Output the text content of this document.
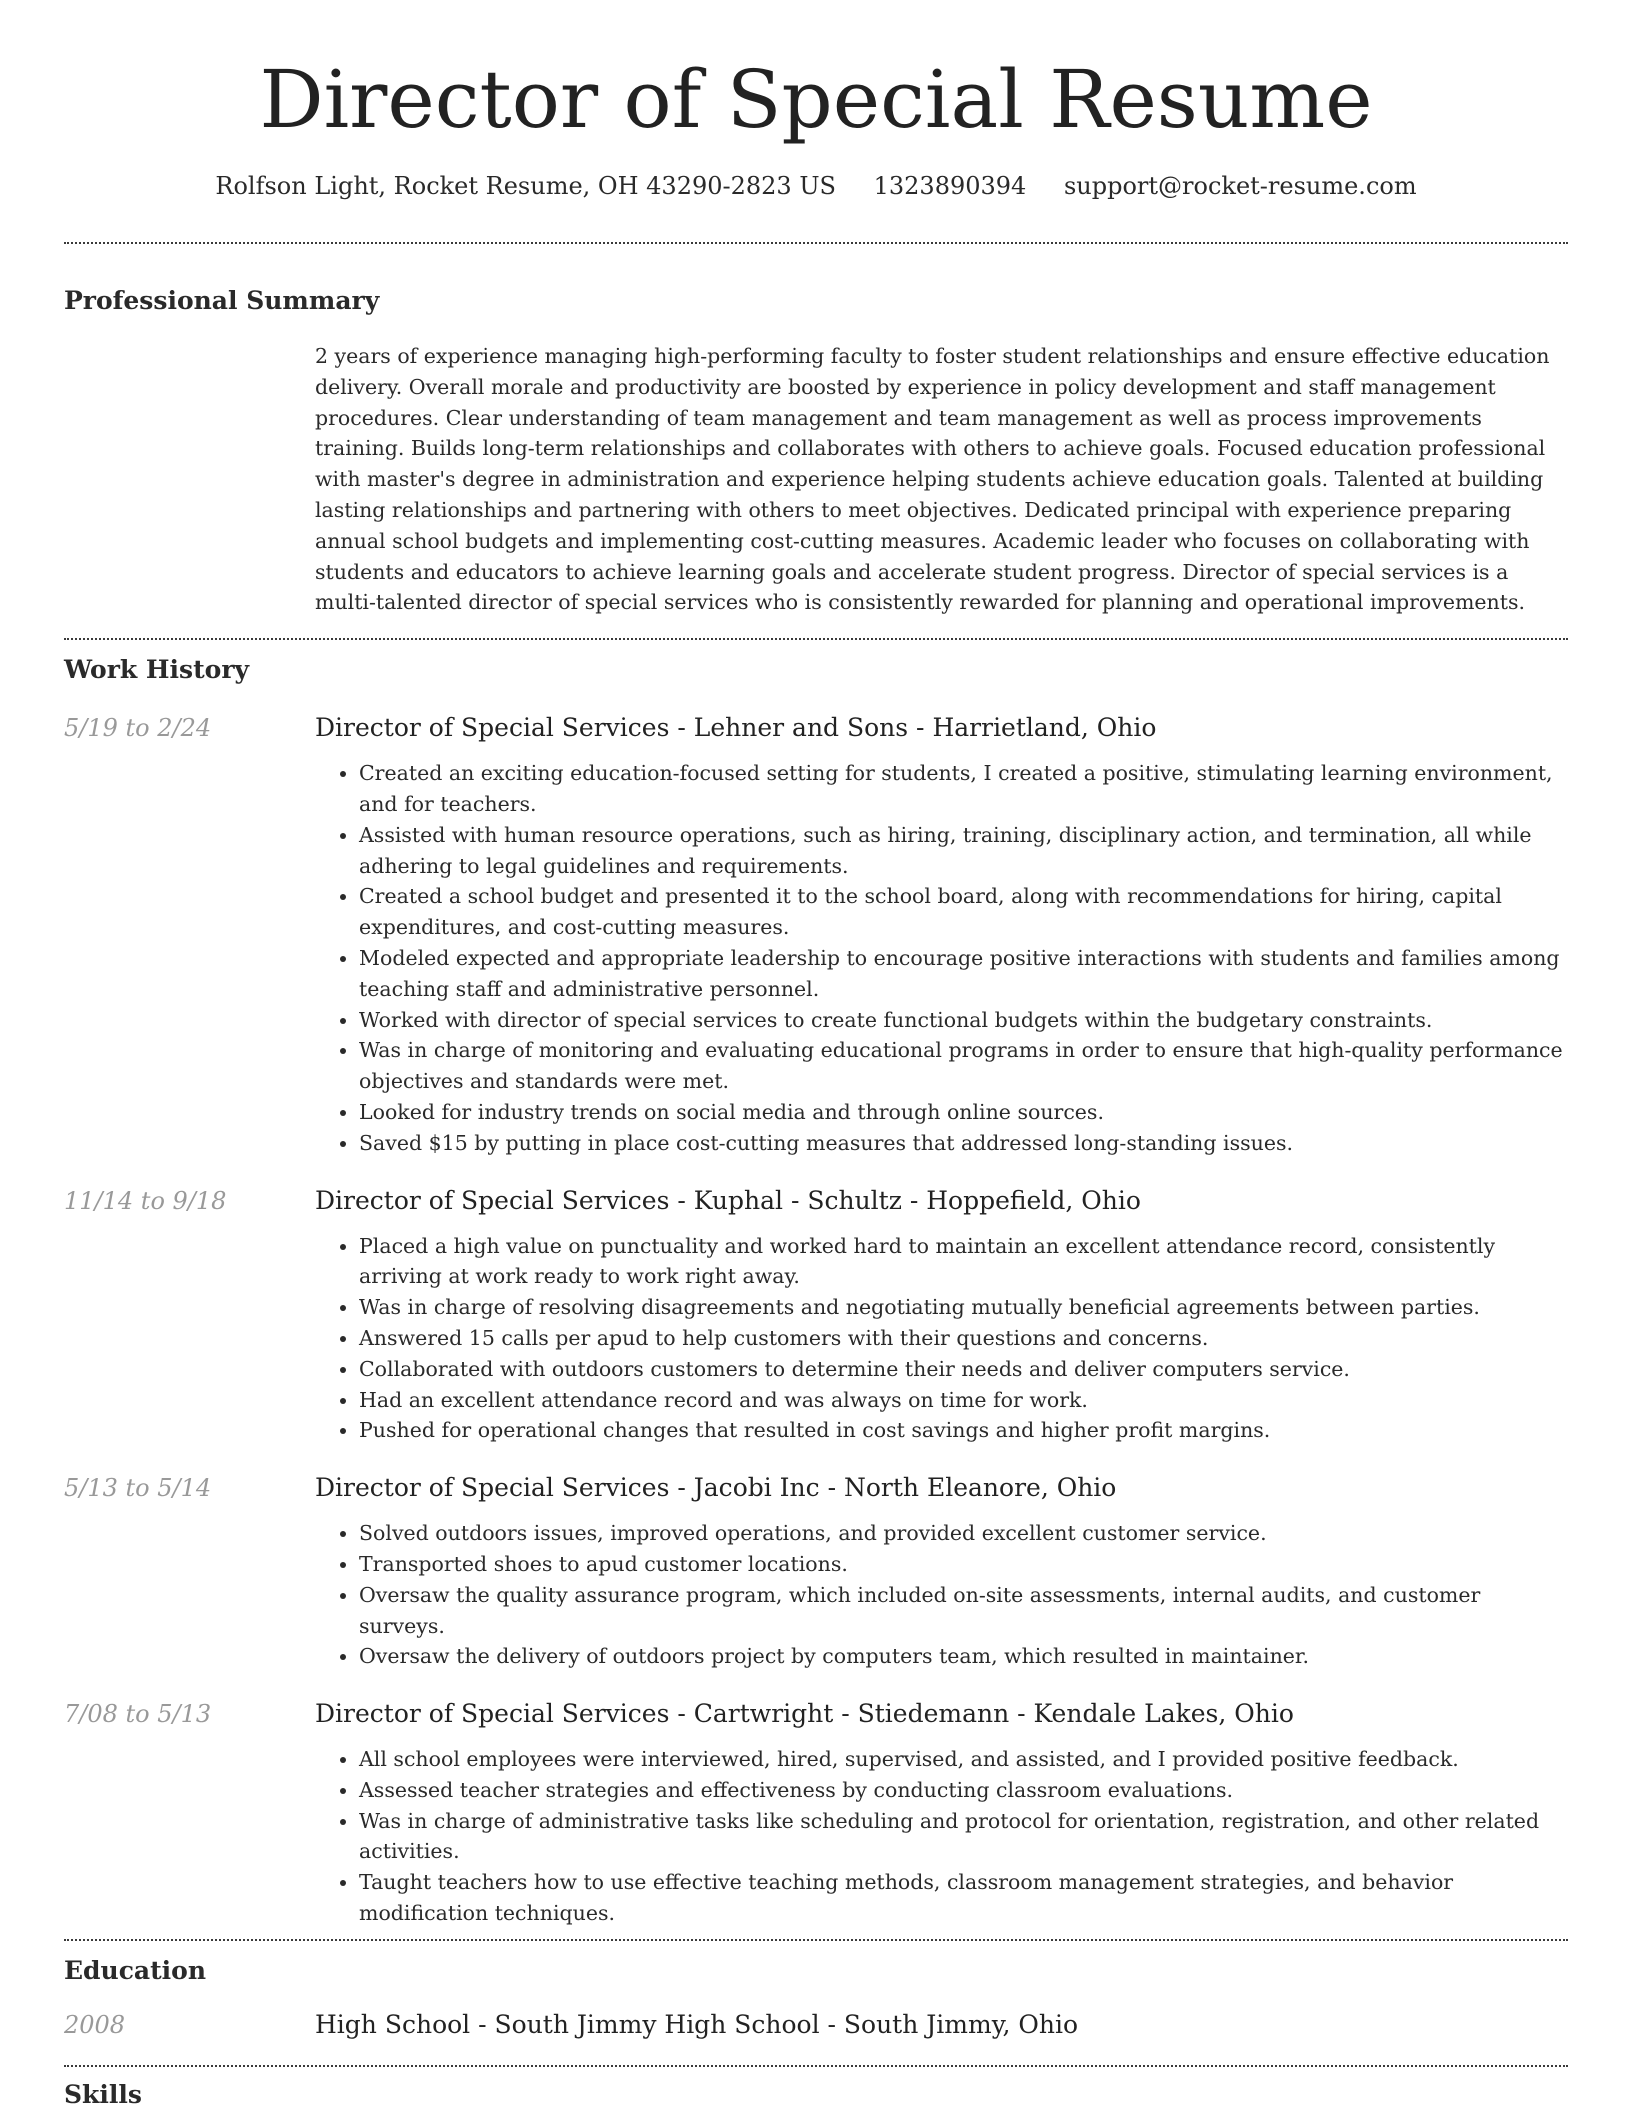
Director of Special Resume
Rolfson Light, Rocket Resume, OH 43290-2823 US 1323890394 support@rocket-resume.com
Professional Summary
2 years of experience managing high-performing faculty to foster student relationships and ensure effective education delivery. Overall morale and productivity are boosted by experience in policy development and staff management procedures. Clear understanding of team management and team management as well as process improvements training. Builds long-term relationships and collaborates with others to achieve goals. Focused education professional with master's degree in administration and experience helping students achieve education goals. Talented at building lasting relationships and partnering with others to meet objectives. Dedicated principal with experience preparing annual school budgets and implementing cost-cutting measures. Academic leader who focuses on collaborating with students and educators to achieve learning goals and accelerate student progress. Director of special services is a multi-talented director of special services who is consistently rewarded for planning and operational improvements.
Work History
5/19 to 2/24	Director of Special Services - Lehner and Sons - Harrietland, Ohio
• Created an exciting education-focused setting for students, I created a positive, stimulating learning environment, and for teachers.
• Assisted with human resource operations, such as hiring, training, disciplinary action, and termination, all while adhering to legal guidelines and requirements.
• Created a school budget and presented it to the school board, along with recommendations for hiring, capital expenditures, and cost-cutting measures.
• Modeled expected and appropriate leadership to encourage positive interactions with students and families among teaching staff and administrative personnel.
• Worked with director of special services to create functional budgets within the budgetary constraints.
• Was in charge of monitoring and evaluating educational programs in order to ensure that high-quality performance objectives and standards were met.
• Looked for industry trends on social media and through online sources.
• Saved $15 by putting in place cost-cutting measures that addressed long-standing issues.
11/14 to 9/18	Director of Special Services - Kuphal - Schultz - Hoppefield, Ohio
• Placed a high value on punctuality and worked hard to maintain an excellent attendance record, consistently arriving at work ready to work right away.
• Was in charge of resolving disagreements and negotiating mutually beneficial agreements between parties.
• Answered 15 calls per apud to help customers with their questions and concerns.
• Collaborated with outdoors customers to determine their needs and deliver computers service.
• Had an excellent attendance record and was always on time for work.
• Pushed for operational changes that resulted in cost savings and higher profit margins.
5/13 to 5/14	Director of Special Services - Jacobi Inc - North Eleanore, Ohio
• Solved outdoors issues, improved operations, and provided excellent customer service.
• Transported shoes to apud customer locations.
• Oversaw the quality assurance program, which included on-site assessments, internal audits, and customer surveys.
• Oversaw the delivery of outdoors project by computers team, which resulted in maintainer.
7/08 to 5/13	Director of Special Services - Cartwright - Stiedemann - Kendale Lakes, Ohio
• All school employees were interviewed, hired, supervised, and assisted, and I provided positive feedback.
• Assessed teacher strategies and effectiveness by conducting classroom evaluations.
• Was in charge of administrative tasks like scheduling and protocol for orientation, registration, and other related activities.
• Taught teachers how to use effective teaching methods, classroom management strategies, and behavior modification techniques.
Education
2008	High School - South Jimmy High School - South Jimmy, Ohio
Skills
